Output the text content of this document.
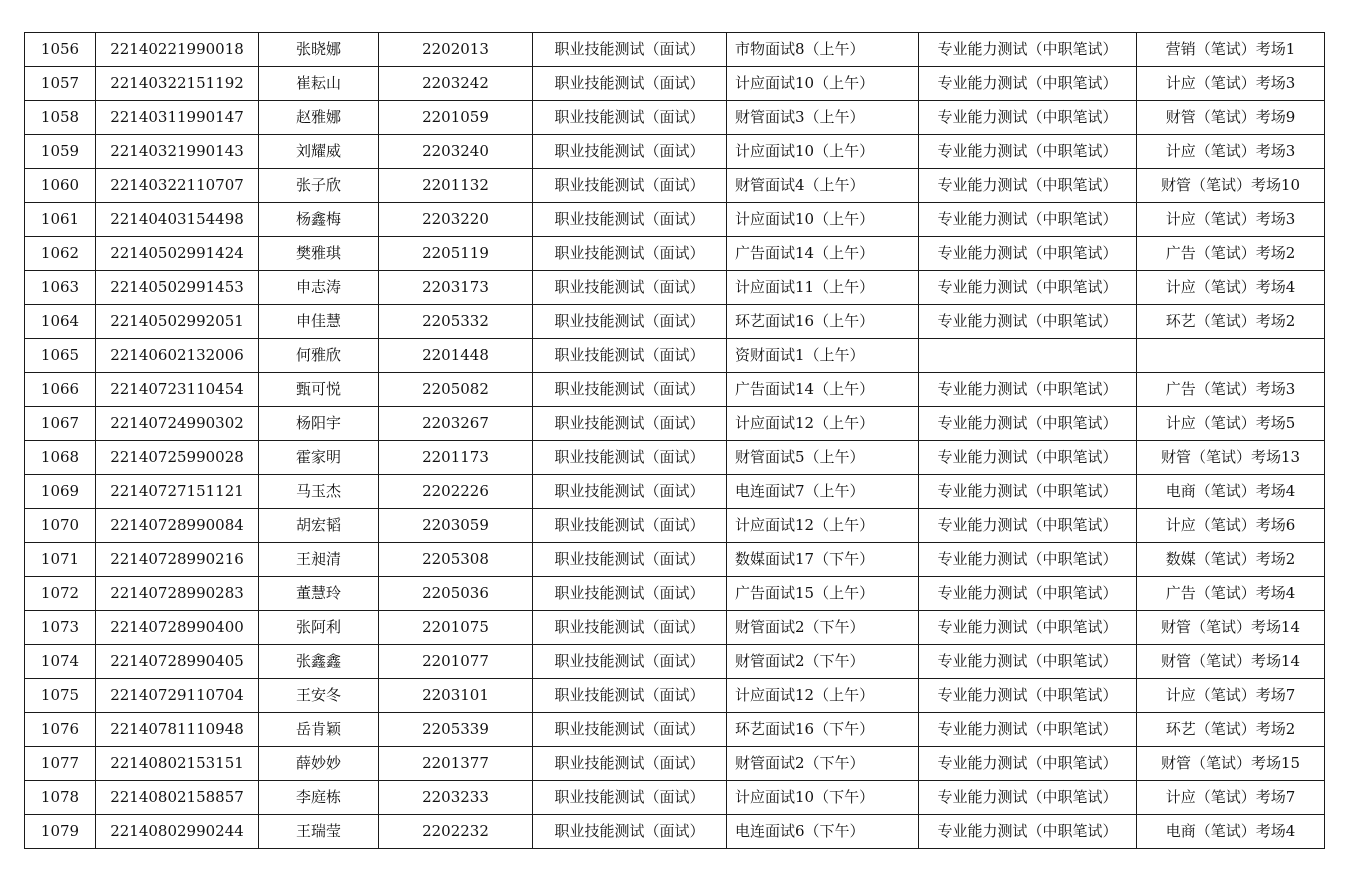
1056	22140221990018	张晓娜	2202013	职业技能测试（面试）	市物面试8（上午）	专业能力测试（中职笔试）	营销（笔试）考场1
1057	22140322151192	崔耘山	2203242	职业技能测试（面试）	计应面试10（上午）	专业能力测试（中职笔试）	计应（笔试）考场3
1058	22140311990147	赵雅娜	2201059	职业技能测试（面试）	财管面试3（上午）	专业能力测试（中职笔试）	财管（笔试）考场9
1059	22140321990143	刘耀威	2203240	职业技能测试（面试）	计应面试10（上午）	专业能力测试（中职笔试）	计应（笔试）考场3
1060	22140322110707	张子欣	2201132	职业技能测试（面试）	财管面试4（上午）	专业能力测试（中职笔试）	财管（笔试）考场10
1061	22140403154498	杨鑫梅	2203220	职业技能测试（面试）	计应面试10（上午）	专业能力测试（中职笔试）	计应（笔试）考场3
1062	22140502991424	樊雅琪	2205119	职业技能测试（面试）	广告面试14（上午）	专业能力测试（中职笔试）	广告（笔试）考场2
1063	22140502991453	申志涛	2203173	职业技能测试（面试）	计应面试11（上午）	专业能力测试（中职笔试）	计应（笔试）考场4
1064	22140502992051	申佳慧	2205332	职业技能测试（面试）	环艺面试16（上午）	专业能力测试（中职笔试）	环艺（笔试）考场2
1065	22140602132006	何雅欣	2201448	职业技能测试（面试）	资财面试1（上午）		
1066	22140723110454	甄可悦	2205082	职业技能测试（面试）	广告面试14（上午）	专业能力测试（中职笔试）	广告（笔试）考场3
1067	22140724990302	杨阳宇	2203267	职业技能测试（面试）	计应面试12（上午）	专业能力测试（中职笔试）	计应（笔试）考场5
1068	22140725990028	霍家明	2201173	职业技能测试（面试）	财管面试5（上午）	专业能力测试（中职笔试）	财管（笔试）考场13
1069	22140727151121	马玉杰	2202226	职业技能测试（面试）	电连面试7（上午）	专业能力测试（中职笔试）	电商（笔试）考场4
1070	22140728990084	胡宏韬	2203059	职业技能测试（面试）	计应面试12（上午）	专业能力测试（中职笔试）	计应（笔试）考场6
1071	22140728990216	王昶清	2205308	职业技能测试（面试）	数媒面试17（下午）	专业能力测试（中职笔试）	数媒（笔试）考场2
1072	22140728990283	董慧玲	2205036	职业技能测试（面试）	广告面试15（上午）	专业能力测试（中职笔试）	广告（笔试）考场4
1073	22140728990400	张阿利	2201075	职业技能测试（面试）	财管面试2（下午）	专业能力测试（中职笔试）	财管（笔试）考场14
1074	22140728990405	张鑫鑫	2201077	职业技能测试（面试）	财管面试2（下午）	专业能力测试（中职笔试）	财管（笔试）考场14
1075	22140729110704	王安冬	2203101	职业技能测试（面试）	计应面试12（上午）	专业能力测试（中职笔试）	计应（笔试）考场7
1076	22140781110948	岳肯颖	2205339	职业技能测试（面试）	环艺面试16（下午）	专业能力测试（中职笔试）	环艺（笔试）考场2
1077	22140802153151	薛妙妙	2201377	职业技能测试（面试）	财管面试2（下午）	专业能力测试（中职笔试）	财管（笔试）考场15
1078	22140802158857	李庭栋	2203233	职业技能测试（面试）	计应面试10（下午）	专业能力测试（中职笔试）	计应（笔试）考场7
1079	22140802990244	王瑞莹	2202232	职业技能测试（面试）	电连面试6（下午）	专业能力测试（中职笔试）	电商（笔试）考场4
